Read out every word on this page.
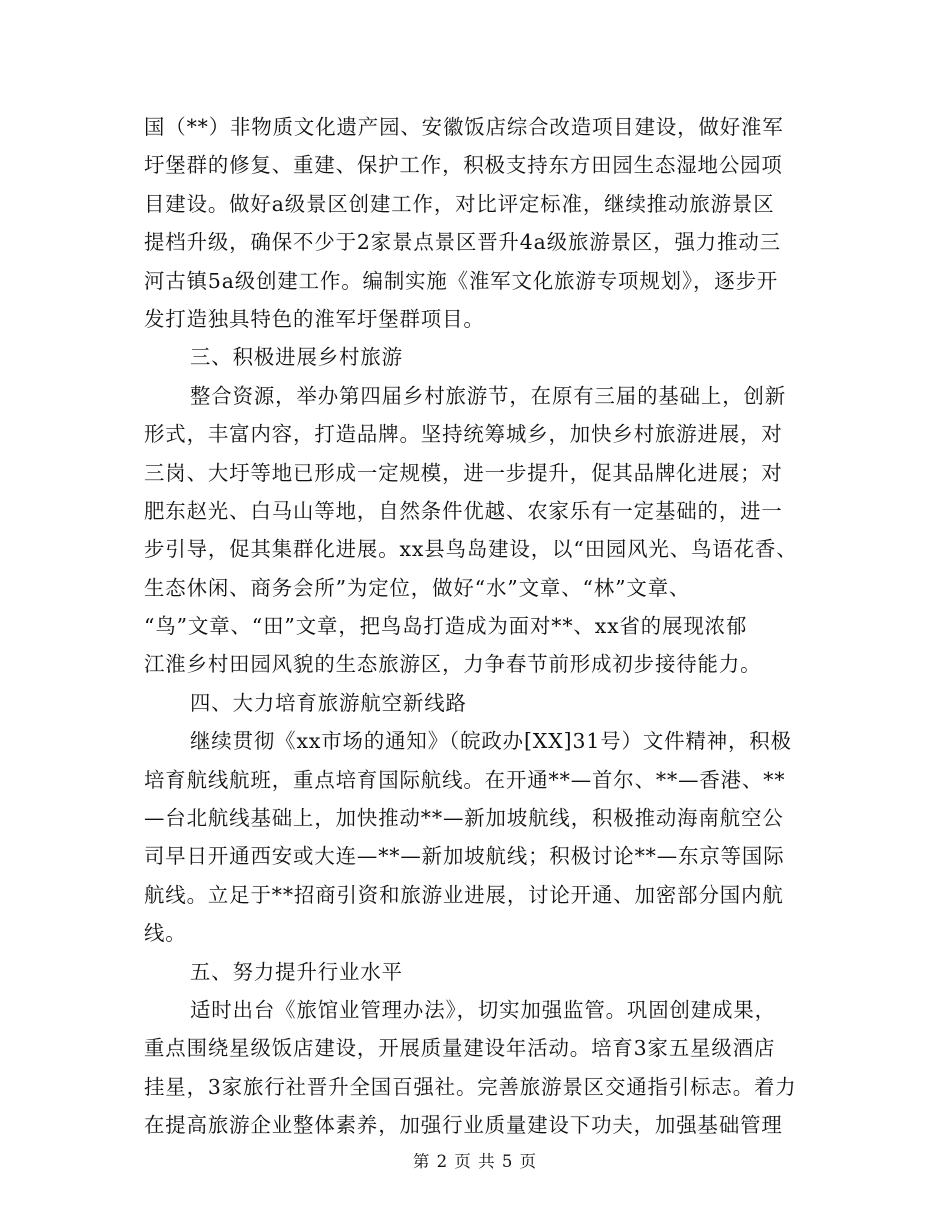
国（**）非物质文化遗产园、安徽饭店综合改造项目建设，做好淮军
圩堡群的修复、重建、保护工作，积极支持东方田园生态湿地公园项
目建设。做好a级景区创建工作，对比评定标准，继续推动旅游景区
提档升级，确保不少于2家景点景区晋升4a级旅游景区，强力推动三
河古镇5a级创建工作。编制实施《淮军文化旅游专项规划》，逐步开
发打造独具特色的淮军圩堡群项目。
三、积极进展乡村旅游
整合资源，举办第四届乡村旅游节，在原有三届的基础上，创新
形式，丰富内容，打造品牌。坚持统筹城乡，加快乡村旅游进展，对
三岗、大圩等地已形成一定规模，进一步提升，促其品牌化进展；对
肥东赵光、白马山等地，自然条件优越、农家乐有一定基础的，进一
步引导，促其集群化进展。xx县鸟岛建设，以“田园风光、鸟语花香、
生态休闲、商务会所”为定位，做好“水”文章、“林”文章、
“鸟”文章、“田”文章，把鸟岛打造成为面对**、xx省的展现浓郁
江淮乡村田园风貌的生态旅游区，力争春节前形成初步接待能力。
四、大力培育旅游航空新线路
继续贯彻《xx市场的通知》（皖政办[XX]31号）文件精神，积极
培育航线航班，重点培育国际航线。在开通**—首尔、**—香港、**
—台北航线基础上，加快推动**—新加坡航线，积极推动海南航空公
司早日开通西安或大连—**—新加坡航线；积极讨论**—东京等国际
航线。立足于**招商引资和旅游业进展，讨论开通、加密部分国内航
线。
五、努力提升行业水平
适时出台《旅馆业管理办法》，切实加强监管。巩固创建成果，
重点围绕星级饭店建设，开展质量建设年活动。培育3家五星级酒店
挂星，3家旅行社晋升全国百强社。完善旅游景区交通指引标志。着力
在提高旅游企业整体素养，加强行业质量建设下功夫，加强基础管理
第 2 页 共 5 页
